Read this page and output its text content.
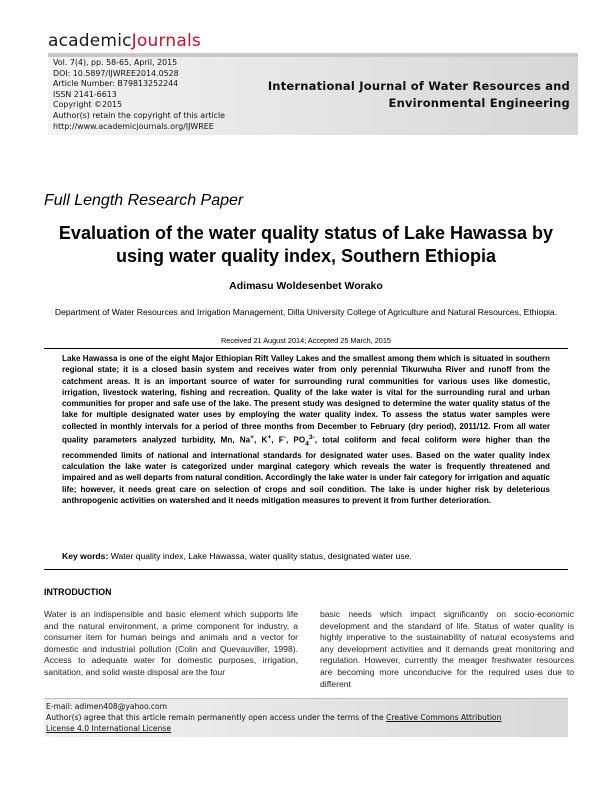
academicJournals
Vol. 7(4), pp. 58-65, April, 2015
DOI: 10.5897/IJWREE2014.0528
Article Number: B79813252244
ISSN 2141-6613
Copyright ©2015
Author(s) retain the copyright of this article
http://www.academicjournals.org/IJWREE
International Journal of Water Resources and
Environmental Engineering
Full Length Research Paper
Evaluation of the water quality status of Lake Hawassa by using water quality index, Southern Ethiopia
Adimasu Woldesenbet Worako
Department of Water Resources and Irrigation Management, Dilla University College of Agriculture and Natural Resources, Ethiopia.
Received 21 August 2014; Accepted 25 March, 2015
Lake Hawassa is one of the eight Major Ethiopian Rift Valley Lakes and the smallest among them which is situated in southern regional state; it is a closed basin system and receives water from only perennial Tikurwuha River and runoff from the catchment areas. It is an important source of water for surrounding rural communities for various uses like domestic, irrigation, livestock watering, fishing and recreation. Quality of the lake water is vital for the surrounding rural and urban communities for proper and safe use of the lake. The present study was designed to determine the water quality status of the lake for multiple designated water uses by employing the water quality index. To assess the status water samples were collected in monthly intervals for a period of three months from December to February (dry period), 2011/12. From all water quality parameters analyzed turbidity, Mn, Na+, K+, F-, $PO_4^{3-}$, total coliform and fecal coliform were higher than the recommended limits of national and international standards for designated water uses. Based on the water quality index calculation the lake water is categorized under marginal category which reveals the water is frequently threatened and impaired and as well departs from natural condition. Accordingly the lake water is under fair category for irrigation and aquatic life; however, it needs great care on selection of crops and soil condition. The lake is under higher risk by deleterious anthropogenic activities on watershed and it needs mitigation measures to prevent it from further deterioration.
Key words: Water quality index, Lake Hawassa, water quality status, designated water use.
INTRODUCTION
Water is an indispensible and basic element which supports life and the natural environment, a prime component for industry, a consumer item for human beings and animals and a vector for domestic and industrial pollution (Colin and Quevauviller, 1998). Access to adequate water for domestic purposes, irrigation, sanitation, and solid waste disposal are the four
basic needs which impact significantly on socio-economic development and the standard of life. Status of water quality is highly imperative to the sustainability of natural ecosystems and any development activities and it demands great monitoring and regulation. However, currently the meager freshwater resources are becoming more unconducive for the required uses due to different
E-mail: adimen408@yahoo.com
Author(s) agree that this article remain permanently open access under the terms of the Creative Commons Attribution
License 4.0 International License
